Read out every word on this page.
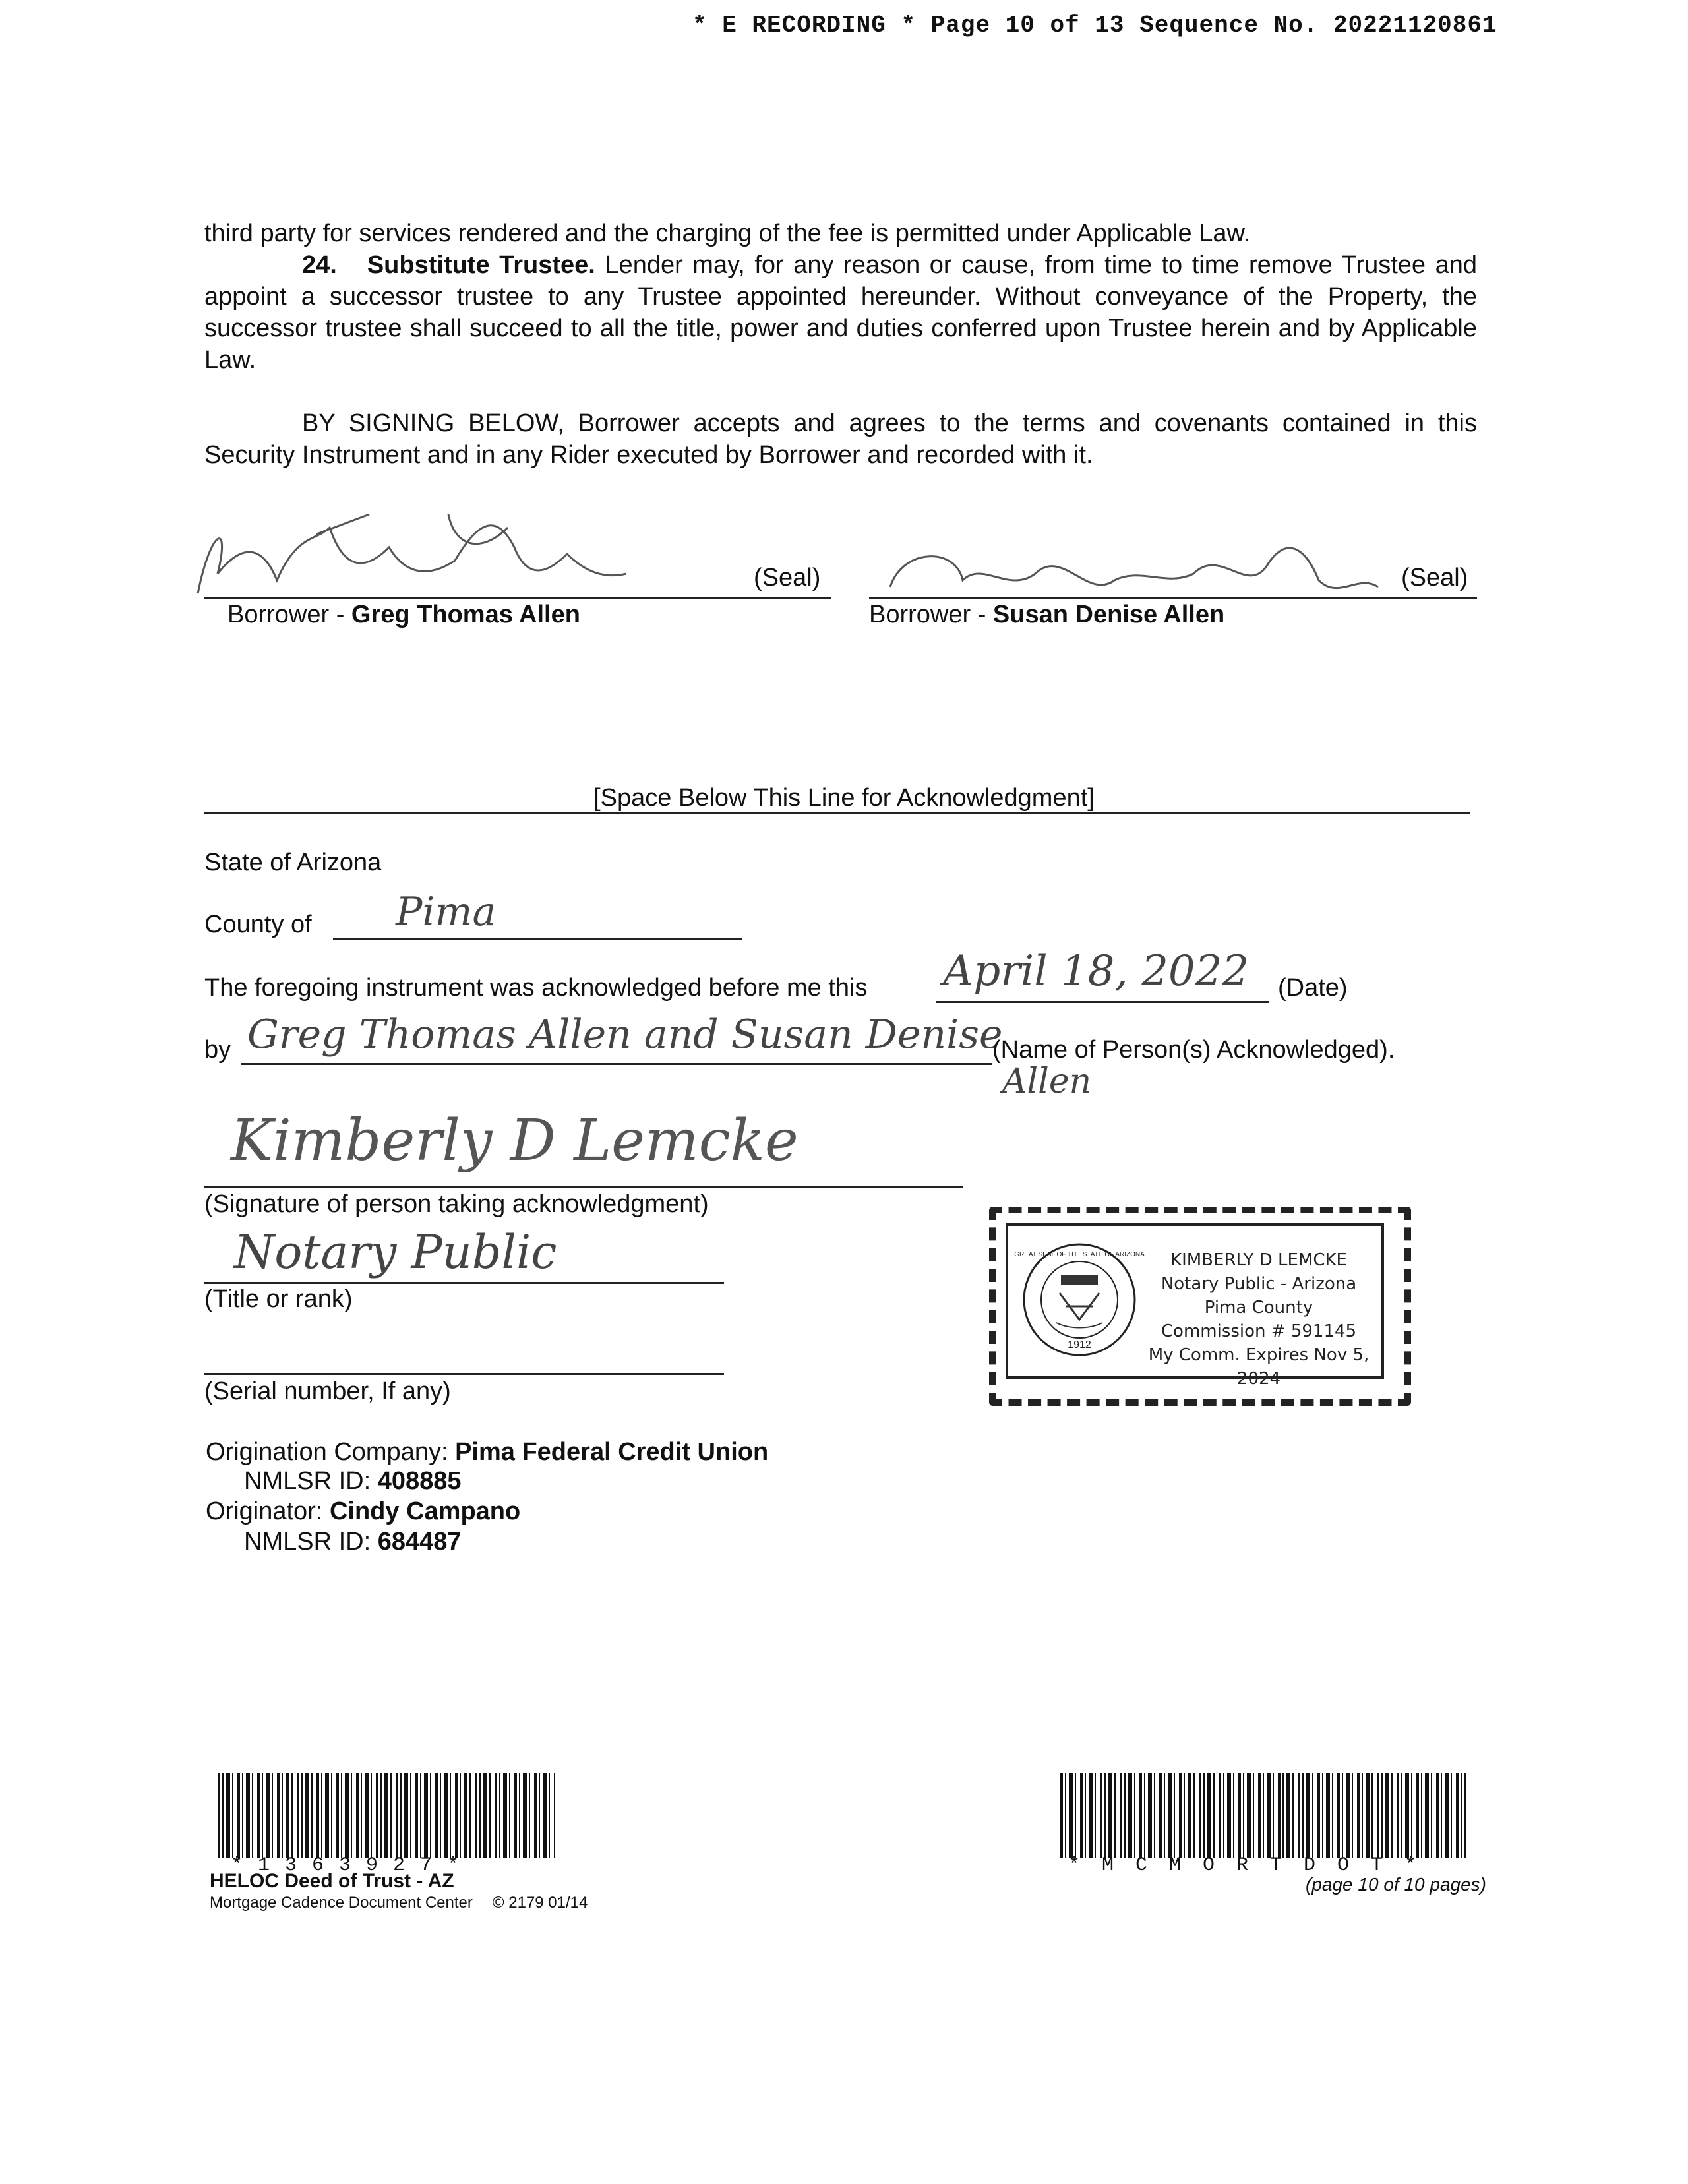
* E RECORDING * Page 10 of 13 Sequence No. 20221120861
third party for services rendered and the charging of the fee is permitted under Applicable Law.
24. Substitute Trustee. Lender may, for any reason or cause, from time to time remove Trustee and appoint a successor trustee to any Trustee appointed hereunder. Without conveyance of the Property, the successor trustee shall succeed to all the title, power and duties conferred upon Trustee herein and by Applicable Law.
BY SIGNING BELOW, Borrower accepts and agrees to the terms and covenants contained in this Security Instrument and in any Rider executed by Borrower and recorded with it.
(Seal)
Borrower - Greg Thomas Allen
(Seal)
Borrower - Susan Denise Allen
[Space Below This Line for Acknowledgment]
State of Arizona
County of Pima
The foregoing instrument was acknowledged before me this April 18, 2022 (Date)
by Greg Thomas Allen and Susan Denise
(Name of Person(s) Acknowledged).
Allen
Kimberly D Lemcke
(Signature of person taking acknowledgment)
Notary Public
(Title or rank)
(Serial number, If any)
1912
GREAT SEAL OF THE STATE OF ARIZONA	KIMBERLY D LEMCKE
Notary Public - Arizona
Pima County
Commission # 591145
My Comm. Expires Nov 5, 2024
Origination Company: Pima Federal Credit Union
NMLSR ID: 408885
Originator: Cindy Campano
NMLSR ID: 684487
*1363927*
HELOC Deed of Trust - AZ
Mortgage Cadence Document Center © 2179 01/14
*MCMORTDOT*
(page 10 of 10 pages)
